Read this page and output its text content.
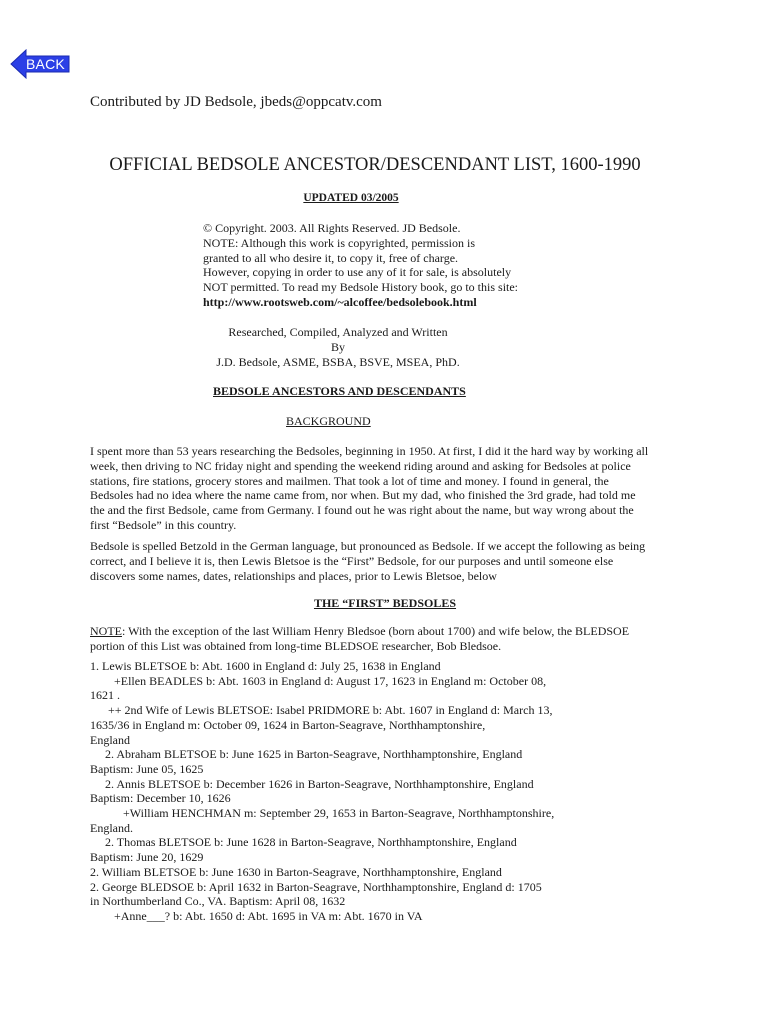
BACK
Contributed by JD Bedsole, jbeds@oppcatv.com
OFFICIAL BEDSOLE ANCESTOR/DESCENDANT LIST, 1600-1990
UPDATED 03/2005
© Copyright. 2003. All Rights Reserved. JD Bedsole.
NOTE: Although this work is copyrighted, permission is
granted to all who desire it, to copy it, free of charge.
However, copying in order to use any of it for sale, is absolutely
NOT permitted. To read my Bedsole History book, go to this site:
http://www.rootsweb.com/~alcoffee/bedsolebook.html
Researched, Compiled, Analyzed and Written
By
J.D. Bedsole, ASME, BSBA, BSVE, MSEA, PhD.
BEDSOLE ANCESTORS AND DESCENDANTS
BACKGROUND
I spent more than 53 years researching the Bedsoles, beginning in 1950. At first, I did it the hard way by working all
week, then driving to NC friday night and spending the weekend riding around and asking for Bedsoles at police
stations, fire stations, grocery stores and mailmen. That took a lot of time and money. I found in general, the
Bedsoles had no idea where the name came from, nor when. But my dad, who finished the 3rd grade, had told me
the and the first Bedsole, came from Germany. I found out he was right about the name, but way wrong about the
first “Bedsole” in this country.
Bedsole is spelled Betzold in the German language, but pronounced as Bedsole. If we accept the following as being
correct, and I believe it is, then Lewis Bletsoe is the “First” Bedsole, for our purposes and until someone else
discovers some names, dates, relationships and places, prior to Lewis Bletsoe, below
THE “FIRST” BEDSOLES
NOTE: With the exception of the last William Henry Bledsoe (born about 1700) and wife below, the BLEDSOE
portion of this List was obtained from long-time BLEDSOE researcher, Bob Bledsoe.
1. Lewis BLETSOE b: Abt. 1600 in England d: July 25, 1638 in England
+Ellen BEADLES b: Abt. 1603 in England d: August 17, 1623 in England m: October 08,
1621 .
++ 2nd Wife of Lewis BLETSOE: Isabel PRIDMORE b: Abt. 1607 in England d: March 13,
1635/36 in England m: October 09, 1624 in Barton-Seagrave, Northhamptonshire,
England
2. Abraham BLETSOE b: June 1625 in Barton-Seagrave, Northhamptonshire, England
Baptism: June 05, 1625
2. Annis BLETSOE b: December 1626 in Barton-Seagrave, Northhamptonshire, England
Baptism: December 10, 1626
+William HENCHMAN m: September 29, 1653 in Barton-Seagrave, Northhamptonshire,
England.
2. Thomas BLETSOE b: June 1628 in Barton-Seagrave, Northhamptonshire, England
Baptism: June 20, 1629
2. William BLETSOE b: June 1630 in Barton-Seagrave, Northhamptonshire, England
2. George BLEDSOE b: April 1632 in Barton-Seagrave, Northhamptonshire, England d: 1705
in Northumberland Co., VA. Baptism: April 08, 1632
+Anne___? b: Abt. 1650 d: Abt. 1695 in VA m: Abt. 1670 in VA
